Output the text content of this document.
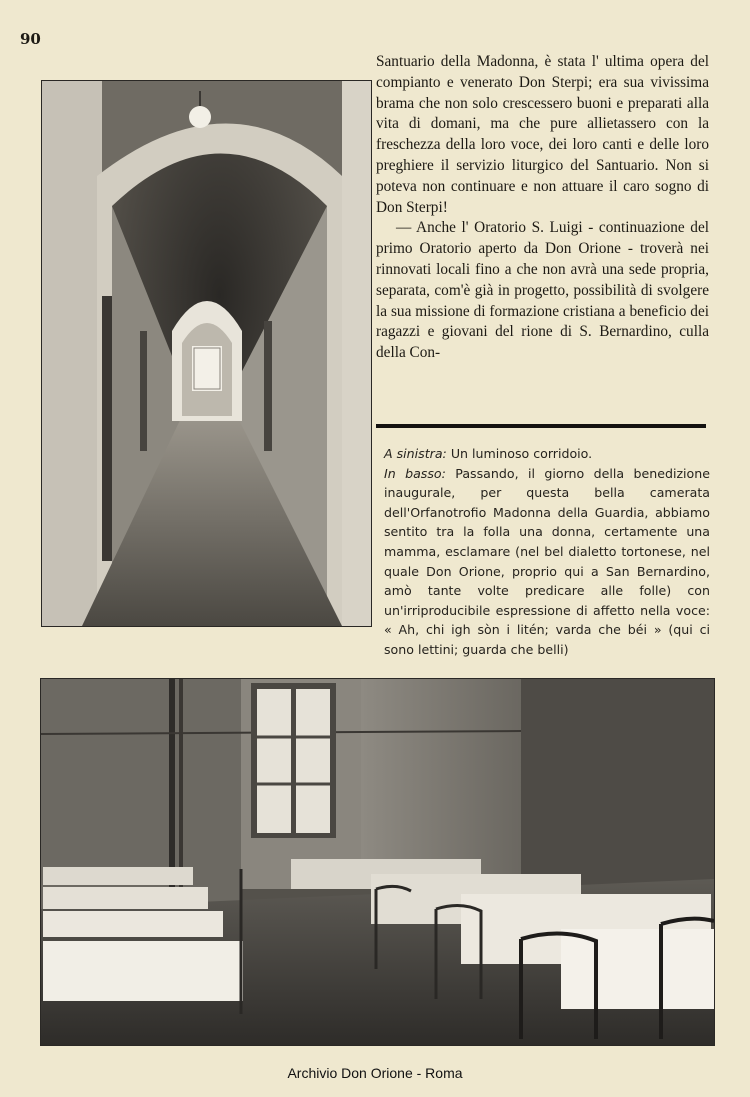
90

Santuario della Madonna, è stata l' ultima opera del compianto e venerato Don Sterpi; era sua vivissima brama che non solo crescessero buoni e preparati alla vita di domani, ma che pure allietassero con la freschezza della loro voce, dei loro canti e delle loro preghiere il servizio liturgico del Santuario. Non si poteva non continuare e non attuare il caro sogno di Don Sterpi!

— Anche l' Oratorio S. Luigi - continuazione del primo Oratorio aperto da Don Orione - troverà nei rinnovati locali fino a che non avrà una sede propria, separata, com'è già in progetto, possibilità di svolgere la sua missione di formazione cristiana a beneficio dei ragazzi e giovani del rione di S. Bernardino, culla della Con-

A sinistra: Un luminoso corridoio.

In basso: Passando, il giorno della benedizione inaugurale, per questa bella camerata dell'Orfanotrofio Madonna della Guardia, abbiamo sentito tra la folla una donna, certamente una mamma, esclamare (nel bel dialetto tortonese, nel quale Don Orione, proprio qui a San Bernardino, amò tante volte predicare alle folle) con un'irriproducibile espressione di affetto nella voce: « Ah, chi igh sòn i litén; varda che béi » (qui ci sono lettini; guarda che belli)

Archivio Don Orione - Roma
